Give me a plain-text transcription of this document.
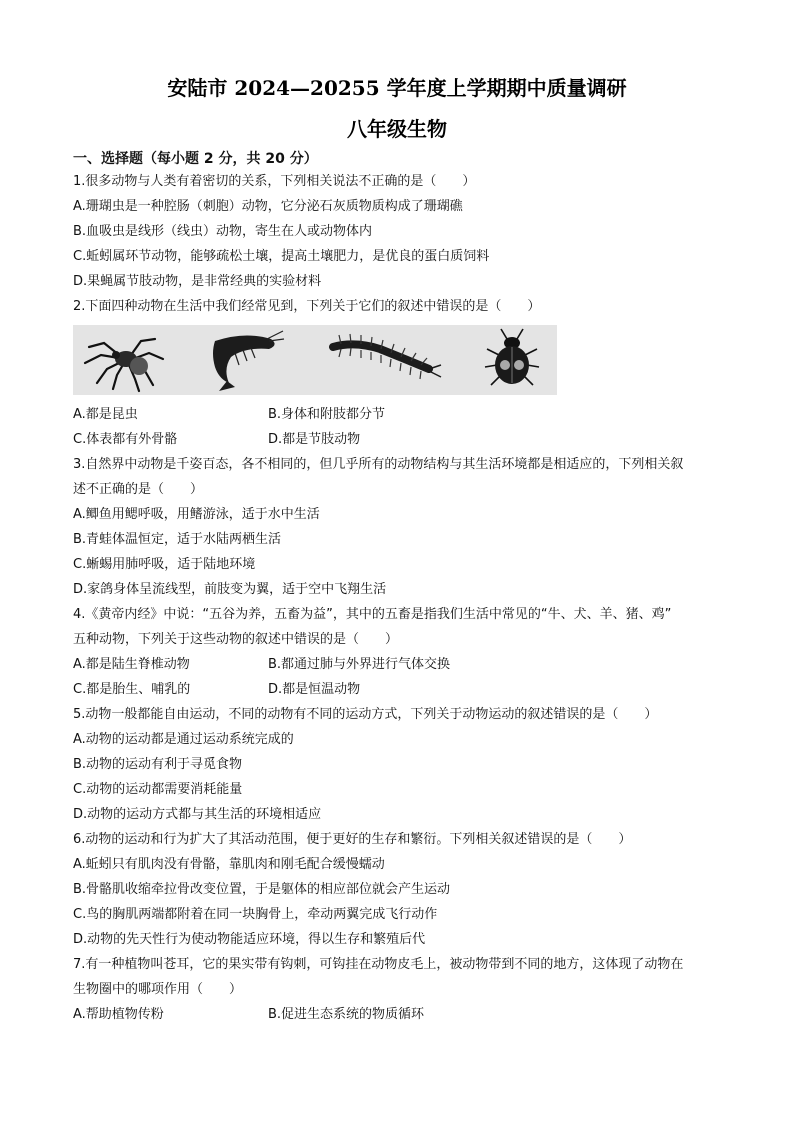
安陆市 2024—20255 学年度上学期期中质量调研
八年级生物
一、选择题（每小题 2 分，共 20 分）
1.很多动物与人类有着密切的关系，下列相关说法不正确的是（　　）
A.珊瑚虫是一种腔肠（刺胞）动物，它分泌石灰质物质构成了珊瑚礁
B.血吸虫是线形（线虫）动物，寄生在人或动物体内
C.蚯蚓属环节动物，能够疏松土壤，提高土壤肥力，是优良的蛋白质饲料
D.果蝇属节肢动物，是非常经典的实验材料
2.下面四种动物在生活中我们经常见到，下列关于它们的叙述中错误的是（　　）
A.都是昆虫	B.身体和附肢都分节
C.体表都有外骨骼	D.都是节肢动物
3.自然界中动物是千姿百态，各不相同的，但几乎所有的动物结构与其生活环境都是相适应的，下列相关叙
述不正确的是（　　）
A.鲫鱼用鳃呼吸，用鳍游泳，适于水中生活
B.青蛙体温恒定，适于水陆两栖生活
C.蜥蜴用肺呼吸，适于陆地环境
D.家鸽身体呈流线型，前肢变为翼，适于空中飞翔生活
4.《黄帝内经》中说：“五谷为养，五畜为益”，其中的五畜是指我们生活中常见的“牛、犬、羊、猪、鸡”
五种动物，下列关于这些动物的叙述中错误的是（　　）
A.都是陆生脊椎动物	B.都通过肺与外界进行气体交换
C.都是胎生、哺乳的	D.都是恒温动物
5.动物一般都能自由运动，不同的动物有不同的运动方式，下列关于动物运动的叙述错误的是（　　）
A.动物的运动都是通过运动系统完成的
B.动物的运动有利于寻觅食物
C.动物的运动都需要消耗能量
D.动物的运动方式都与其生活的环境相适应
6.动物的运动和行为扩大了其活动范围，便于更好的生存和繁衍。下列相关叙述错误的是（　　）
A.蚯蚓只有肌肉没有骨骼，靠肌肉和刚毛配合缓慢蠕动
B.骨骼肌收缩牵拉骨改变位置，于是躯体的相应部位就会产生运动
C.鸟的胸肌两端都附着在同一块胸骨上，牵动两翼完成飞行动作
D.动物的先天性行为使动物能适应环境，得以生存和繁殖后代
7.有一种植物叫苍耳，它的果实带有钩刺，可钩挂在动物皮毛上，被动物带到不同的地方，这体现了动物在
生物圈中的哪项作用（　　）
A.帮助植物传粉	B.促进生态系统的物质循环
